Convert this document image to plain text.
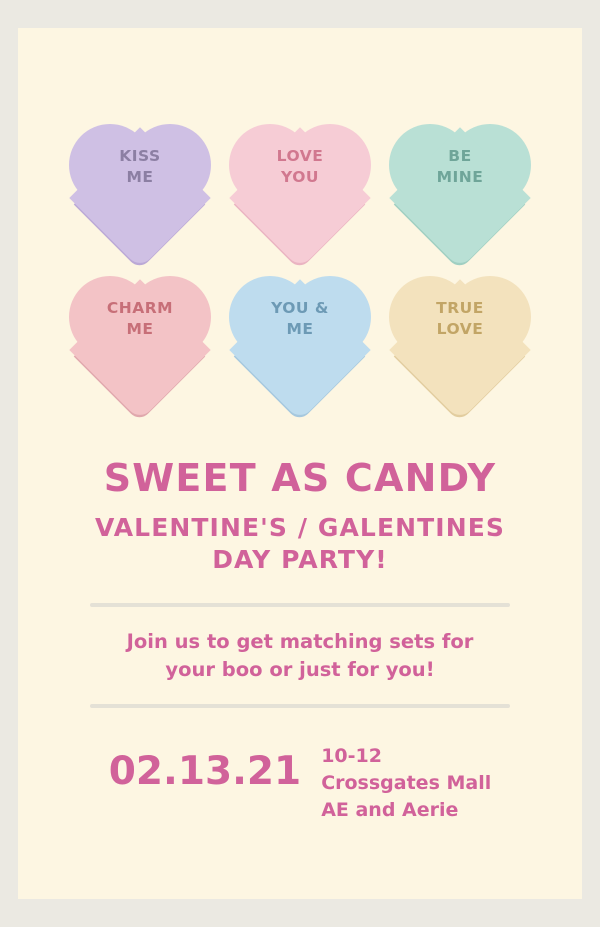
KISS
ME
LOVE
YOU
BE
MINE
CHARM
ME
YOU &
ME
TRUE
LOVE
SWEET AS CANDY
VALENTINE'S / GALENTINES
DAY PARTY!
Join us to get matching sets for
your boo or just for you!
02.13.21 10-12
Crossgates Mall
AE and Aerie
